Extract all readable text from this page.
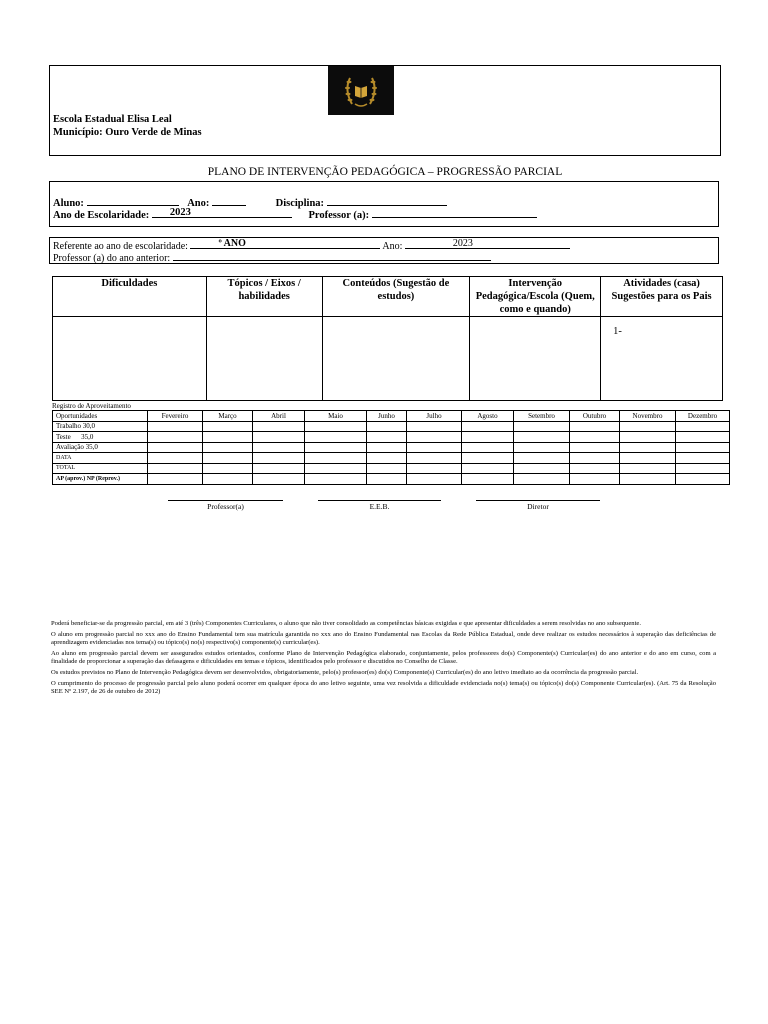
Escola Estadual Elisa Leal
Município: Ouro Verde de Minas
PLANO DE INTERVENÇÃO PEDAGÓGICA – PROGRESSÃO PARCIAL
Aluno:	Ano:	Disciplina:
Ano de Escolaridade:	2023	Professor (a):
Referente ao ano de escolaridade:	º ANO	Ano:	2023
Professor (a) do ano anterior:
Dificuldades	Tópicos / Eixos / habilidades	Conteúdos (Sugestão de estudos)	Intervenção Pedagógica/Escola (Quem, como e quando)	Atividades (casa) Sugestões para os Pais
				1-
Registro de Aproveitamento
Oportunidades	Fevereiro	Março	Abril	Maio	Junho	Julho	Agosto	Setembro	Outubro	Novembro	Dezembro
Trabalho 30,0											
Teste      35,0											
Avaliação 35,0											
DATA											
TOTAL											
AP (aprov.) NP (Reprov.)											
Professor(a)	E.E.B.	Diretor

Poderá beneficiar-se da progressão parcial, em até 3 (três) Componentes Curriculares, o aluno que não tiver consolidado as competências básicas exigidas e que apresentar dificuldades a serem resolvidas no ano subsequente.

O aluno em progressão parcial no xxx ano do Ensino Fundamental tem sua matrícula garantida no xxx ano do Ensino Fundamental nas Escolas da Rede Pública Estadual, onde deve realizar os estudos necessários à superação das deficiências de aprendizagem evidenciadas nos tema(s) ou tópico(s) no(s) respectivo(s) componente(s) curricular(es).

Ao aluno em progressão parcial devem ser assegurados estudos orientados, conforme Plano de Intervenção Pedagógica elaborado, conjuntamente, pelos professores do(s) Componente(s) Curricular(es) do ano anterior e do ano em curso, com a finalidade de proporcionar a superação das defasagens e dificuldades em temas e tópicos, identificados pelo professor e discutidos no Conselho de Classe.

Os estudos previstos no Plano de Intervenção Pedagógica devem ser desenvolvidos, obrigatoriamente, pelo(s) professor(es) do(s) Componente(s) Curricular(es) do ano letivo imediato ao da ocorrência da progressão parcial.

O cumprimento do processo de progressão parcial pelo aluno poderá ocorrer em qualquer época do ano letivo seguinte, uma vez resolvida a dificuldade evidenciada no(s) tema(s) ou tópico(s) do(s) Componente Curricular(es). (Art. 75 da Resolução SEE Nº 2.197, de 26 de outubro de 2012)
